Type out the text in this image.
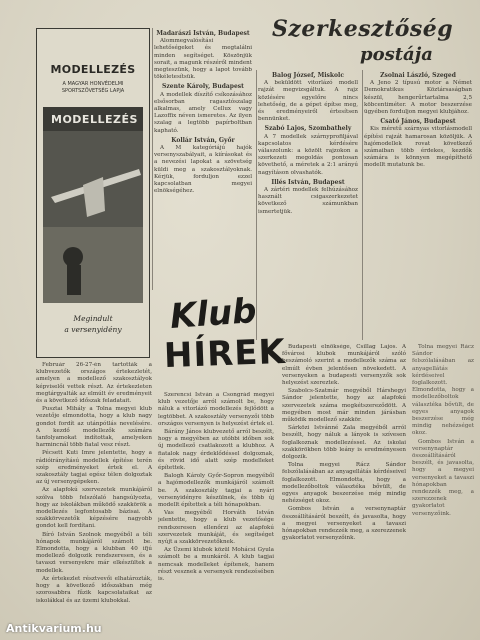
MODELLEZÉS
A MAGYAR HONVÉDELMI SPORTSZÖVETSÉG LAPJA
MODELLEZÉS
Megindult
a versenyidény
Szerkesztőség
postája
Madarászi István, Budapest

Alommegvalósítási lehetőségeket és megtalálni minden segítséget. Köszönjük sorait, a magunk részéről mindent megteszünk, hogy a lapot tovább tökéletesítsük.

Szente Károly, Budapest

A modellek díszítő csíkozásához elsősorban ragasztószalag alkalmas, amely Cellux vagy Lazoffix néven ismeretes. Az ilyen szalag a legtöbb papírboltban kapható.

Kollár István, Győr

A M kategóriájú hajók versenyszabályait, a kiírásokat és a nevezési lapokat a szövetség küldi meg a szakosztályoknak. Kérjük, forduljon ezzel kapcsolatban megyei elnökségéhez.

Balog József, Miskolc

A beküldött vitorlázó modell rajzát megvizsgáltuk. A rajz közlésére egyelőre nincs lehetőség, de a gépet építse meg, és eredményeiről értesítsen bennünket.

Szabó Lajos, Szombathely

A 7 modellek szárnyprofiljával kapcsolatos kérdésére válaszolunk: a közölt rajzokon a szerkezeti megoldás pontosan követhető, a méretek a 2:1 arányú nagyításon olvashatók.

Illés István, Budapest

A zártéri modellek felhúzásához használt csigaszerkezetet következő számunkban ismertetjük.

Zsolnai László, Szeged

A Jeno 2 típusú motor a Német Demokratikus Köztársaságban készül, hengerűrtartalma 2,5 köbcentiméter. A motor beszerzése ügyében forduljon megyei klubjához.

Csató János, Budapest

Kis méretű szárnyas vitorlásmodell építési rajzát hamarosan közöljük. A hajómodellek rovat következő számaiban több érdekes, kezdők számára is könnyen megépíthető modellt mutatunk be.

Klub
HÍREK

Február 26-27-én tartották a klubvezetők országos értekezletét, amelyen a modellező szakosztályok képviselői vettek részt. Az értekezleten megtárgyalták az elmúlt év eredményeit és a következő időszak feladatait.

Pusztai Mihály a Tolna megyei klub vezetője elmondotta, hogy a klub nagy gondot fordít az utánpótlás nevelésére. A kezdő modellezők számára tanfolyamokat indítottak, amelyeken harmincnál több fiatal vesz részt.

Pécsett Kuti Imre jelentette, hogy a rádióirányítású modellek építése terén szép eredményeket értek el. A szakosztály tagjai egész télen dolgoztak az új versenygépeken.

Az alapfokú szervezetek munkájáról szólva több felszólaló hangsúlyozta, hogy az iskolákban működő szakkörök a modellezés legfontosabb bázisai. A szakkörvezetők képzésére nagyobb gondot kell fordítani.

Bíró István Szolnok megyéből a téli hónapok munkájáról számolt be. Elmondotta, hogy a klubban 40 ifjú modellező dolgozik rendszeresen, és a tavaszi versenyekre már elkészültek a modellek.

Az értekezlet résztvevői elhatározták, hogy a következő időszakban még szorosabbra fűzik kapcsolataikat az iskolákkal és az üzemi klubokkal.

Szerencsi István a Csongrád megyei klub vezetője arról számolt be, hogy náluk a vitorlázó modellezés fejlődött a legtöbbet. A szakosztály versenyzői több országos versenyen is helyezést értek el.

Bárány János klubvezető arról beszélt, hogy a megyében az utóbbi időben sok új modellező csatlakozott a klubhoz. A fiatalok nagy érdeklődéssel dolgoznak, és rövid idő alatt szép modelleket építettek.

Balogh Károly Győr-Sopron megyéből a hajómodellezők munkájáról számolt be. A szakosztály tagjai a nyári versenyidényre készülnek, és több új modellt építettek a téli hónapokban.

Vas megyéből Horváth István jelentette, hogy a klub vezetősége rendszeresen ellenőrzi az alapfokú szervezetek munkáját, és segítséget nyújt a szakkörvezetőknek.

Az Üzemi klubok közül Mohácsi Gyula számolt be a munkáról. A klub tagjai nemcsak modelleket építenek, hanem részt vesznek a versenyek rendezésében is.

Budapesti elnöksége, Csillag Lajos. A fővárosi klubok munkájáról szóló beszámoló szerint a modellezők száma az elmúlt évben jelentősen növekedett. A versenyeken a budapesti versenyzők sok helyezést szereztek.

Szabolcs-Szatmár megyéből Hárshegyi Sándor jelentette, hogy az alapfokú szervezetek száma megkétszereződött. A megyében most már minden járásban működik modellező szakkör.

Sárközi Istvánné Zala megyéből arról beszélt, hogy náluk a lányok is szívesen foglalkoznak modellezéssel. Az iskolai szakkörökben több leány is eredményesen dolgozik.

Tolna megyei Rácz Sándor felszólalásában az anyagellátás kérdéseivel foglalkozott. Elmondotta, hogy a modellezőboltok választéka bővült, de egyes anyagok beszerzése még mindig nehézséget okoz.

Gombos István a versenynaptár összeállításáról beszélt, és javasolta, hogy a megyei versenyeket a tavaszi hónapokban rendezzék meg, a szerezzenek gyakorlatot versenyzőink.

Tolna megyei Rácz Sándor felszólalásában az anyagellátás kérdéseivel foglalkozott. Elmondotta, hogy a modellezőboltok választéka bővült, de egyes anyagok beszerzése még mindig nehézséget okoz.

Gombos István a versenynaptár összeállításáról beszélt, és javasolta, hogy a megyei versenyeket a tavaszi hónapokban rendezzék meg, a szerezzenek gyakorlatot versenyzőink.

Antikvarium.hu
